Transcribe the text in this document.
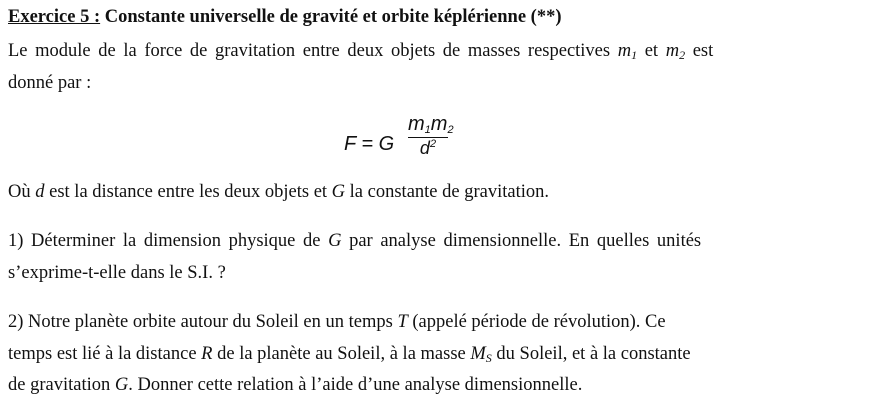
Exercice 5 : Constante universelle de gravité et orbite képlérienne (**)
Le module de la force de gravitation entre deux objets de masses respectives $m_1$ et $m_2$ est
donné par :
F = G
$m_1m_2$
$d^2$
Où d est la distance entre les deux objets et G la constante de gravitation.
1) Déterminer la dimension physique de G par analyse dimensionnelle. En quelles unités
s’exprime-t-elle dans le S.I. ?
2) Notre planète orbite autour du Soleil en un temps T (appelé période de révolution). Ce
temps est lié à la distance R de la planète au Soleil, à la masse $M_S$ du Soleil, et à la constante
de gravitation G. Donner cette relation à l’aide d’une analyse dimensionnelle.
